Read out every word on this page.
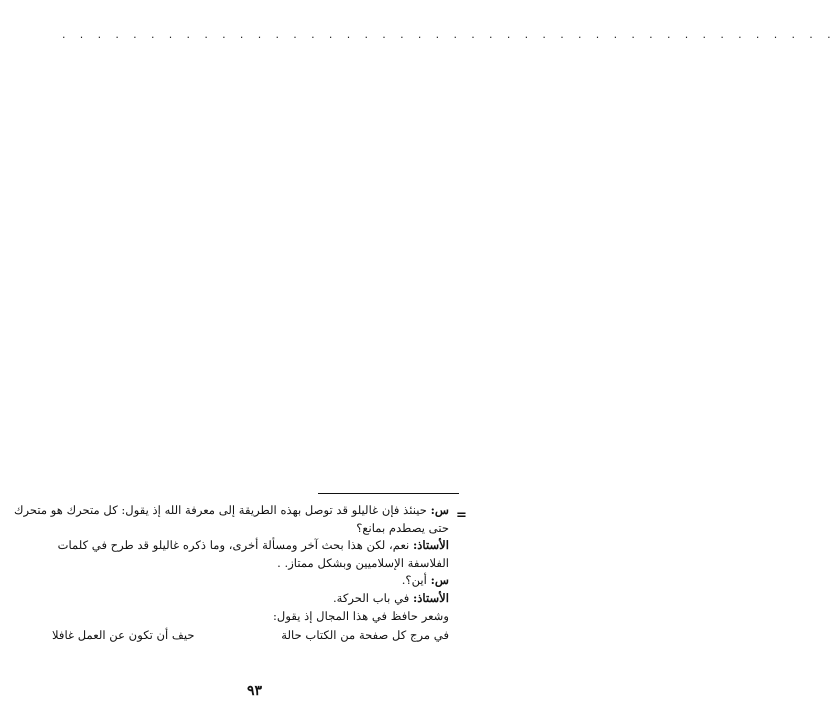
. . . . . . . . . . . . . . . . . . . . . . . . . . . . . . . . . . . . . . . . . . . .
=
س: حينئذ فإن غاليلو قد توصل بهذه الطريقة إلى معرفة الله إذ يقول: كل متحرك هو متحرك
حتى يصطدم بمانع؟
الأستاذ: نعم، لكن هذا بحث آخر ومسألة أخرى، وما ذكره غاليلو قد طرح في كلمات
الفلاسفة الإسلاميين وبشكل ممتاز. .
س: أين؟.
الأستاذ: في باب الحركة.
وشعر حافظ في هذا المجال إذ يقول:
في مرج كل صفحة من الكتاب حالة
حيف أن تكون عن العمل غافلا
٩٣
